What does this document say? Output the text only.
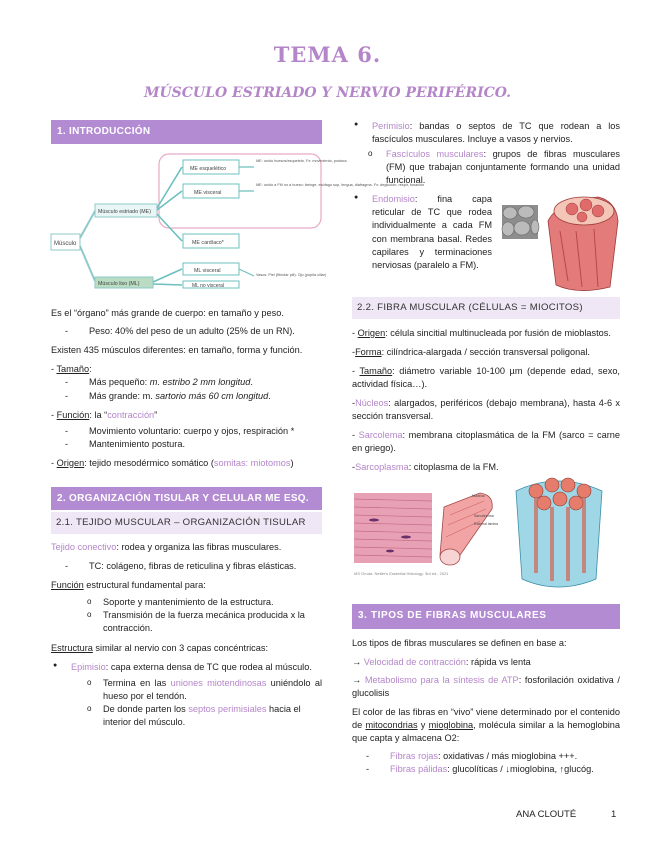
TEMA 6.
MÚSCULO ESTRIADO Y NERVIO PERIFÉRICO.
1. INTRODUCCIÓN
Músculo
Músculo estriado (ME)
Músculo liso (ML)
ME esquelético
ME visceral
ME cardíaco*
ML visceral
ML no visceral
ME: unido huesos/esqueleto. Fx: movimiento, postura.
ME: unido a FM no a hueso: faringe, esófago sup, lengua, diafragma. Fx: deglución, respir, fonación
Vasos. Piel (fibrolar pili). Ojo (pupila ciliar)

Es el “órgano” más grande de cuerpo: en tamaño y peso.

- Peso: 40% del peso de un adulto (25% de un RN).

Existen 435 músculos diferentes: en tamaño, forma y función.

- Tamaño:

- Más pequeño: m. estribo 2 mm longitud.

- Más grande: m. sartorio más 60 cm longitud.

- Función: la “contracción”

- Movimiento voluntario: cuerpo y ojos, respiración *

- Mantenimiento postura.

- Origen: tejido mesodérmico somático (somitas: miotomos)

2. ORGANIZACIÓN TISULAR Y CELULAR ME ESQ.
2.1. TEJIDO MUSCULAR – ORGANIZACIÓN TISULAR

Tejido conectivo: rodea y organiza las fibras musculares.

- TC: colágeno, fibras de reticulina y fibras elásticas.

Función estructural fundamental para:

o Soporte y mantenimiento de la estructura.

o Transmisión de la fuerza mecánica producida x la contracción.

Estructura similar al nervio con 3 capas concéntricas:

● Epimisio: capa externa densa de TC que rodea al músculo.

o Termina en las uniones miotendinosas uniéndolo al hueso por el tendón.

o De donde parten los septos perimisiales hacia el interior del músculo.

● Perimisio: bandas o septos de TC que rodean a los fascículos musculares. Incluye a vasos y nervios.

o Fascículos musculares: grupos de fibras musculares (FM) que trabajan conjuntamente formando una unidad funcional.

● Endomisio: fina capa reticular de TC que rodea individualmente a cada FM con membrana basal. Redes capilares y terminaciones nerviosas (paralelo a FM).

2.2. FIBRA MUSCULAR (CÉLULAS = MIOCITOS)

- Origen: célula sincitial multinucleada por fusión de mioblastos.

-Forma: cilíndrica-alargada / sección transversal poligonal.

- Tamaño: diámetro variable 10-100 µm (depende edad, sexo, actividad física…).

-Núcleos: alargados, periféricos (debajo membrana), hasta 4-6 x sección transversal.

- Sarcolema: membrana citoplasmática de la FM (sarco = carne en griego).

-Sarcoplasma: citoplasma de la FM.

Nucleus
Sarcolemma
External lamina

MS Oruda. Netter's Essential Histology. 3rd ed., 2021

3. TIPOS DE FIBRAS MUSCULARES

Los tipos de fibras musculares se definen en base a:

→ Velocidad de contracción: rápida vs lenta

→ Metabolismo para la síntesis de ATP: fosforilación oxidativa / glucolisis

El color de las fibras en “vivo” viene determinado por el contenido de mitocondrias y mioglobina, molécula similar a la hemoglobina que capta y almacena O2:

- Fibras rojas: oxidativas / más mioglobina +++.

- Fibras pálidas: glucolíticas / ↓mioglobina, ↑glucóg.

ANA CLOUTÉ	1
